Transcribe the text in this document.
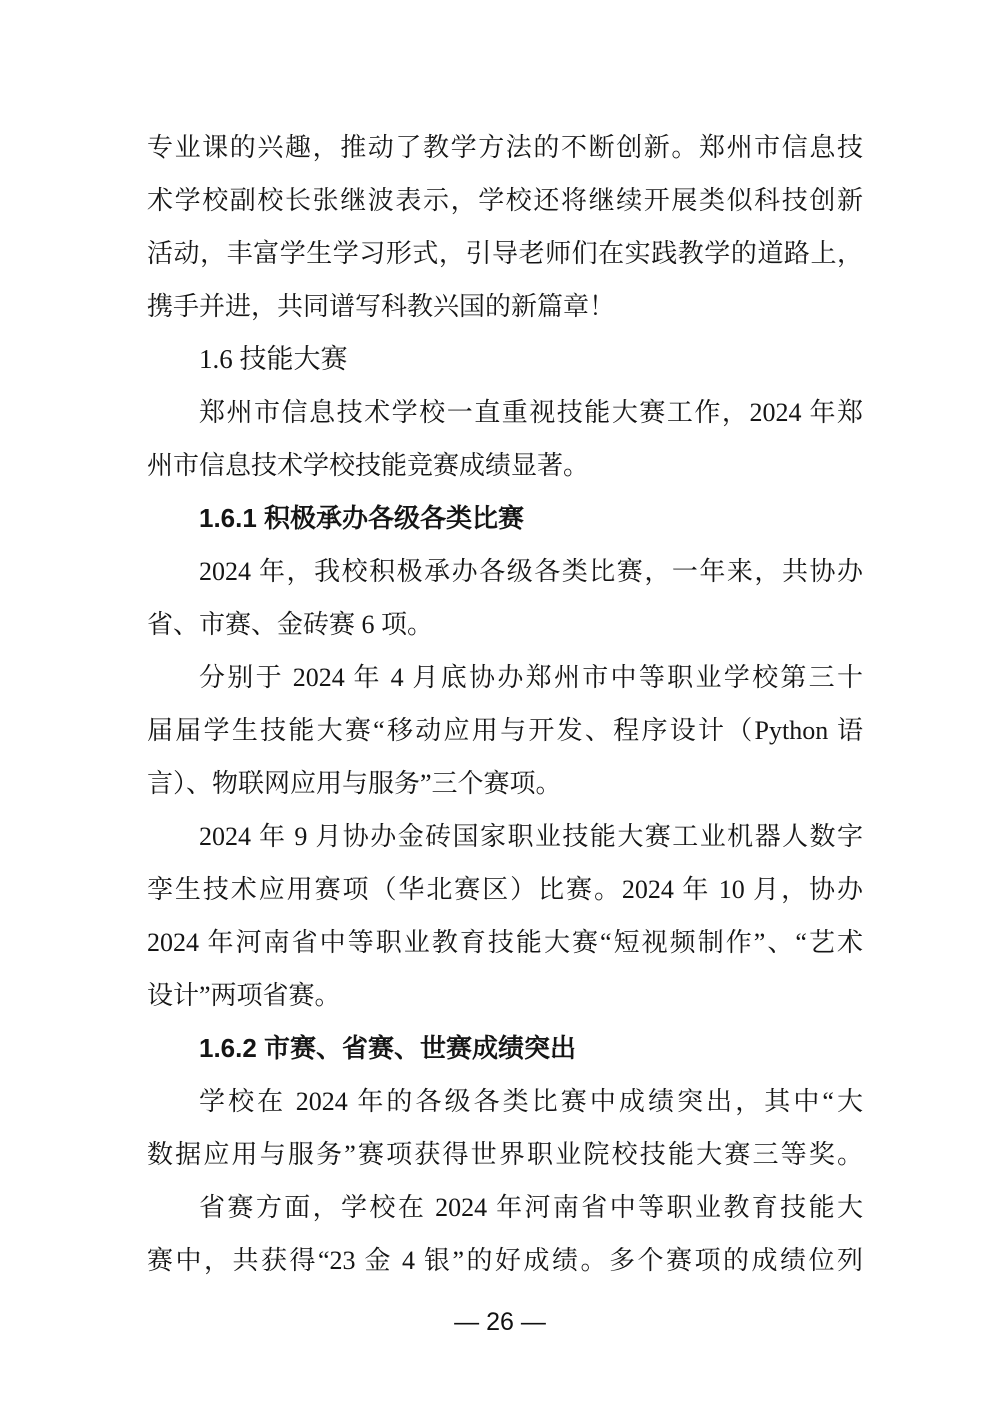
专业课的兴趣，推动了教学方法的不断创新。郑州市信息技
术学校副校长张继波表示，学校还将继续开展类似科技创新
活动，丰富学生学习形式，引导老师们在实践教学的道路上，
携手并进，共同谱写科教兴国的新篇章！
1.6 技能大赛
郑州市信息技术学校一直重视技能大赛工作，2024 年郑
州市信息技术学校技能竞赛成绩显著。
1.6.1 积极承办各级各类比赛
2024 年，我校积极承办各级各类比赛，一年来，共协办
省、市赛、金砖赛 6 项。
分别于 2024 年 4 月底协办郑州市中等职业学校第三十
届届学生技能大赛“移动应用与开发、程序设计（Python 语
言）、物联网应用与服务”三个赛项。
2024 年 9 月协办金砖国家职业技能大赛工业机器人数字
孪生技术应用赛项（华北赛区）比赛。2024 年 10 月，协办
2024 年河南省中等职业教育技能大赛“短视频制作”、“艺术
设计”两项省赛。
1.6.2 市赛、省赛、世赛成绩突出
学校在 2024 年的各级各类比赛中成绩突出，其中“大
数据应用与服务”赛项获得世界职业院校技能大赛三等奖。
省赛方面，学校在 2024 年河南省中等职业教育技能大
赛中，共获得“23 金 4 银”的好成绩。多个赛项的成绩位列
— 26 —
